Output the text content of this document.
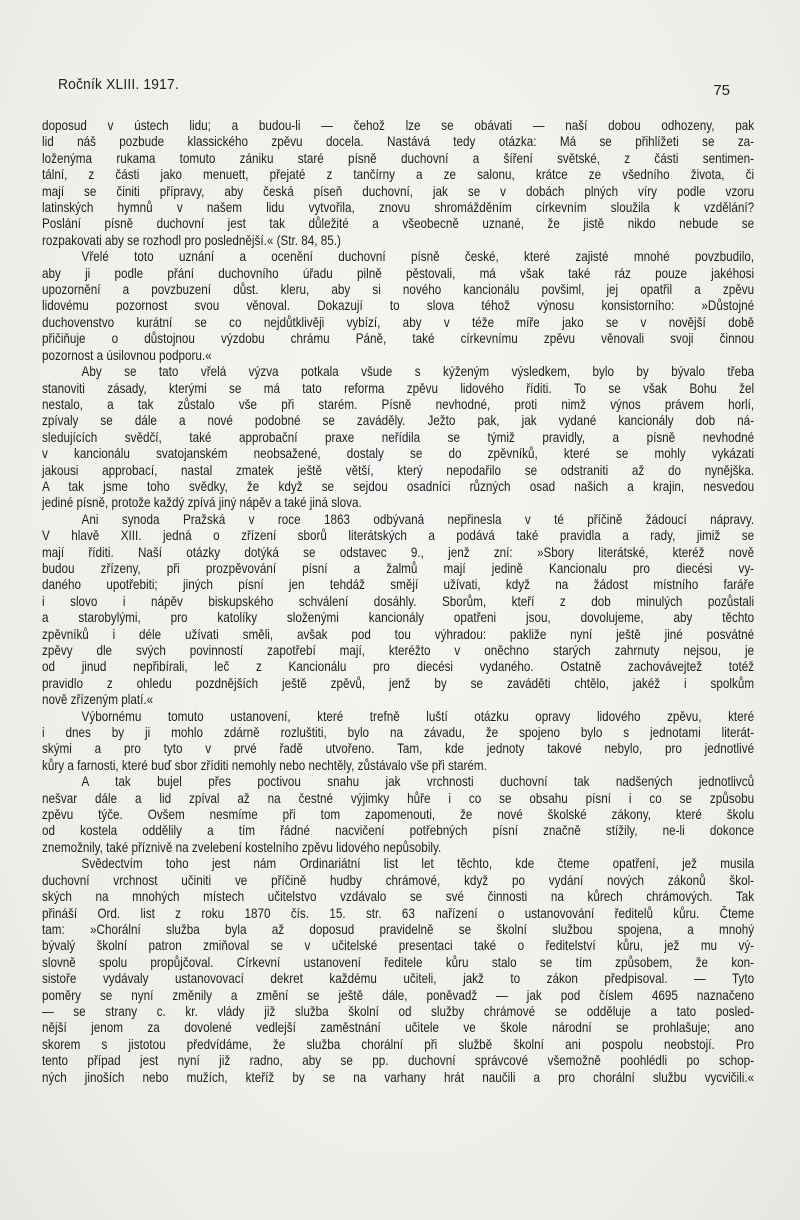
Ročník XLIII. 1917.	75
doposud v ústech lidu; a budou-li — čehož lze se obávati — naší dobou odhozeny, pak
lid náš pozbude klassického zpěvu docela. Nastává tedy otázka: Má se přihlížeti se za-
loženýma rukama tomuto zániku staré písně duchovní a šíření světské, z části sentimen-
tální, z části jako menuett, přejaté z tančírny a ze salonu, krátce ze všedního života, či
mají se činiti přípravy, aby česká píseň duchovní, jak se v dobách plných víry podle vzoru
latinských hymnů v našem lidu vytvořila, znovu shromážděním církevním sloužila k vzdělání?
Poslání písně duchovní jest tak důležité a všeobecně uznané, že jistě nikdo nebude se
rozpakovati aby se rozhodl pro poslednější.« (Str. 84, 85.)
Vřelé toto uznání a ocenění duchovní písně české, které zajisté mnohé povzbudilo,
aby ji podle přání duchovního úřadu pilně pěstovali, má však také ráz pouze jakéhosi
upozornění a povzbuzení důst. kleru, aby si nového kancionálu povšiml, jej opatřil a zpěvu
lidovému pozornost svou věnoval. Dokazují to slova téhož výnosu konsistorního: »Důstojné
duchovenstvo kurátní se co nejdůtklivěji vybízí, aby v téže míře jako se v novější době
přičiňuje o důstojnou výzdobu chrámu Páně, také církevnímu zpěvu věnovali svoji činnou
pozornost a úsilovnou podporu.«
Aby se tato vřelá výzva potkala všude s kýženým výsledkem, bylo by bývalo třeba
stanoviti zásady, kterými se má tato reforma zpěvu lidového říditi. To se však Bohu žel
nestalo, a tak zůstalo vše při starém. Písně nevhodné, proti nimž výnos právem horlí,
zpívaly se dále a nové podobné se zaváděly. Ježto pak, jak vydané kancionály dob ná-
sledujících svědčí, také approbační praxe neřídila se týmiž pravidly, a písně nevhodné
v kancionálu svatojanském neobsažené, dostaly se do zpěvníků, které se mohly vykázati
jakousi approbací, nastal zmatek ještě větší, který nepodařilo se odstraniti až do nynějška.
A tak jsme toho svědky, že když se sejdou osadníci různých osad našich a krajin, nesvedou
jediné písně, protože každý zpívá jiný nápěv a také jiná slova.
Ani synoda Pražská v roce 1863 odbývaná nepřinesla v té příčině žádoucí nápravy.
V hlavě XIII. jedná o zřízení sborů literátských a podává také pravidla a rady, jimiž se
mají říditi. Naší otázky dotýká se odstavec 9., jenž zní: »Sbory literátské, kteréž nově
budou zřízeny, při prozpěvování písní a žalmů mají jedině Kancionalu pro diecési vy-
daného upotřebiti; jiných písní jen tehdáž smějí užívati, když na žádost místního faráře
i slovo i nápěv biskupského schválení dosáhly. Sborům, kteří z dob minulých pozůstali
a starobylými, pro katolíky složenými kancionály opatřeni jsou, dovolujeme, aby těchto
zpěvníků i déle užívati směli, avšak pod tou výhradou: pakliže nyní ještě jiné posvátné
zpěvy dle svých povinností zapotřebí mají, kteréžto v oněchno starých zahrnuty nejsou, je
od jinud nepřibírali, leč z Kancionálu pro diecési vydaného. Ostatně zachovávejtež totéž
pravidlo z ohledu pozdnějších ještě zpěvů, jenž by se zaváděti chtělo, jakéž i spolkům
nově zřízeným platí.«
Výbornému tomuto ustanovení, které trefně luští otázku opravy lidového zpěvu, které
i dnes by ji mohlo zdárně rozluštiti, bylo na závadu, že spojeno bylo s jednotami literát-
skými a pro tyto v prvé řadě utvořeno. Tam, kde jednoty takové nebylo, pro jednotlivé
kůry a farnosti, které buď sbor zříditi nemohly nebo nechtěly, zůstávalo vše při starém.
A tak bujel přes poctivou snahu jak vrchnosti duchovní tak nadšených jednotlivců
nešvar dále a lid zpíval až na čestné výjimky hůře i co se obsahu písní i co se způsobu
zpěvu týče. Ovšem nesmíme při tom zapomenouti, že nové školské zákony, které školu
od kostela oddělily a tím řádné nacvičení potřebných písní značně stížily, ne-li dokonce
znemožnily, také příznivě na zvelebení kostelního zpěvu lidového nepůsobily.
Svědectvím toho jest nám Ordinariátní list let těchto, kde čteme opatření, jež musila
duchovní vrchnost učiniti ve příčině hudby chrámové, když po vydání nových zákonů škol-
ských na mnohých místech učitelstvo vzdávalo se své činnosti na kůrech chrámových. Tak
přináší Ord. list z roku 1870 čís. 15. str. 63 nařízení o ustanovování ředitelů kůru. Čteme
tam: »Chorální služba byla až doposud pravidelně se školní službou spojena, a mnohý
bývalý školní patron zmiňoval se v učitelské presentaci také o ředitelství kůru, jež mu vý-
slovně spolu propůjčoval. Církevní ustanovení ředitele kůru stalo se tím způsobem, že kon-
sistoře vydávaly ustanovovací dekret každému učiteli, jakž to zákon předpisoval. — Tyto
poměry se nyní změnily a změní se ještě dále, poněvadž — jak pod číslem 4695 naznačeno
— se strany c. kr. vlády již služba školní od služby chrámové se odděluje a tato posled-
nější jenom za dovolené vedlejší zaměstnání učitele ve škole národní se prohlašuje; ano
skorem s jistotou předvídáme, že služba chorální při službě školní ani pospolu neobstojí. Pro
tento případ jest nyní již radno, aby se pp. duchovní správcové všemožně poohlédli po schop-
ných jinoších nebo mužích, kteříž by se na varhany hrát naučili a pro chorální službu vycvičili.«
